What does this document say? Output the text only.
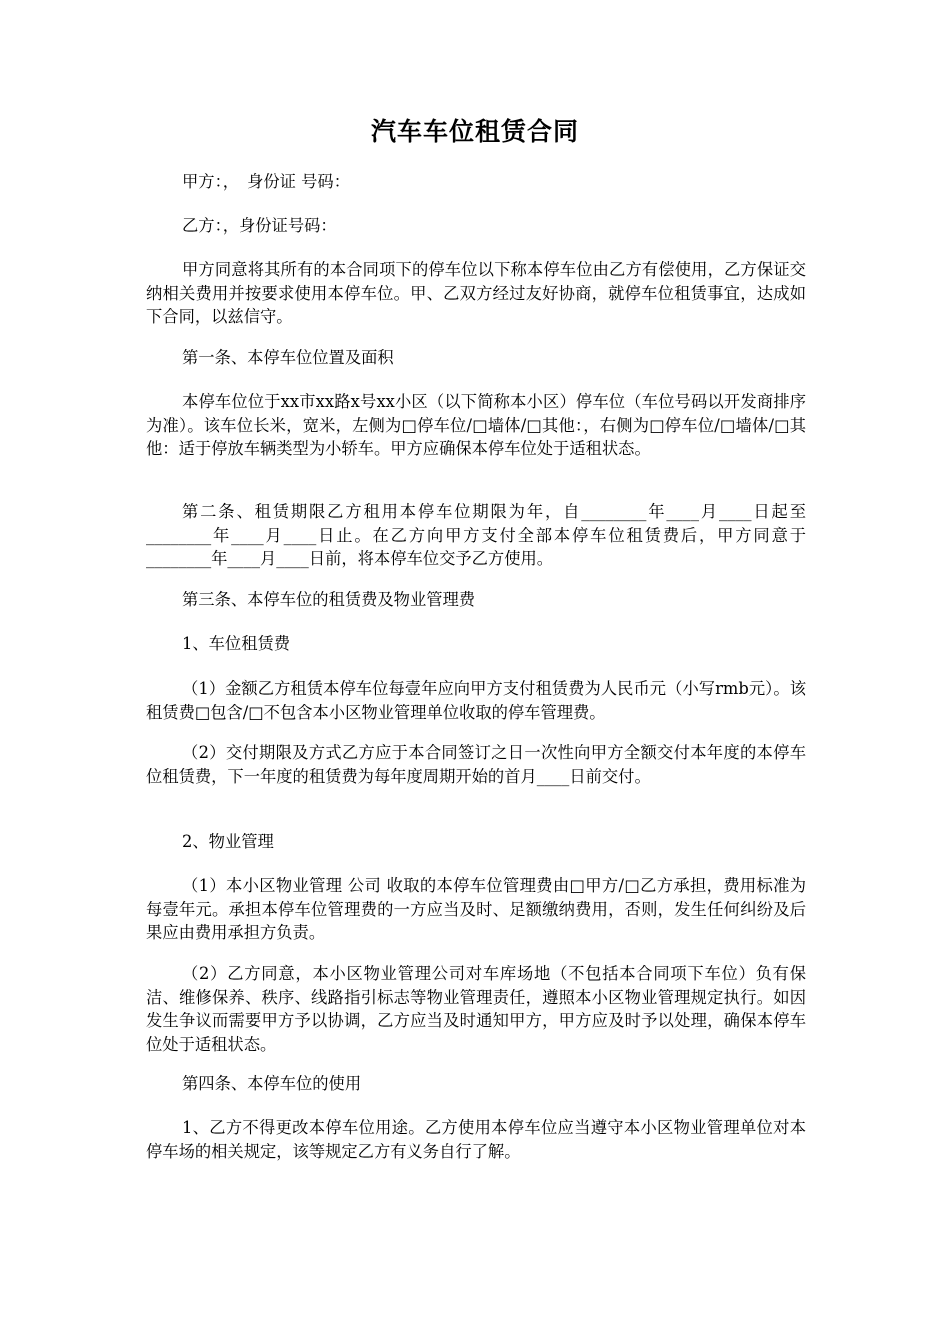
汽车车位租赁合同

甲方：，　身份证 号码：

乙方：，身份证号码：

甲方同意将其所有的本合同项下的停车位以下称本停车位由乙方有偿使用，乙方保证交纳相关费用并按要求使用本停车位。甲、乙双方经过友好协商，就停车位租赁事宜，达成如下合同，以兹信守。

第一条、本停车位位置及面积

本停车位位于xx市xx路x号xx小区（以下简称本小区）停车位（车位号码以开发商排序为准）。该车位长米，宽米，左侧为□停车位/□墙体/□其他：，右侧为□停车位/□墙体/□其他：适于停放车辆类型为小轿车。甲方应确保本停车位处于适租状态。

第二条、租赁期限乙方租用本停车位期限为年，自________年____月____日起至________年____月____日止。在乙方向甲方支付全部本停车位租赁费后，甲方同意于________年____月____日前，将本停车位交予乙方使用。

第三条、本停车位的租赁费及物业管理费

1、车位租赁费

（1）金额乙方租赁本停车位每壹年应向甲方支付租赁费为人民币元（小写rmb元）。该租赁费□包含/□不包含本小区物业管理单位收取的停车管理费。

（2）交付期限及方式乙方应于本合同签订之日一次性向甲方全额交付本年度的本停车位租赁费，下一年度的租赁费为每年度周期开始的首月____日前交付。

2、物业管理

（1）本小区物业管理 公司 收取的本停车位管理费由□甲方/□乙方承担，费用标准为每壹年元。承担本停车位管理费的一方应当及时、足额缴纳费用，否则，发生任何纠纷及后果应由费用承担方负责。

（2）乙方同意，本小区物业管理公司对车库场地（不包括本合同项下车位）负有保洁、维修保养、秩序、线路指引标志等物业管理责任，遵照本小区物业管理规定执行。如因发生争议而需要甲方予以协调，乙方应当及时通知甲方，甲方应及时予以处理，确保本停车位处于适租状态。

第四条、本停车位的使用

1、乙方不得更改本停车位用途。乙方使用本停车位应当遵守本小区物业管理单位对本停车场的相关规定，该等规定乙方有义务自行了解。
